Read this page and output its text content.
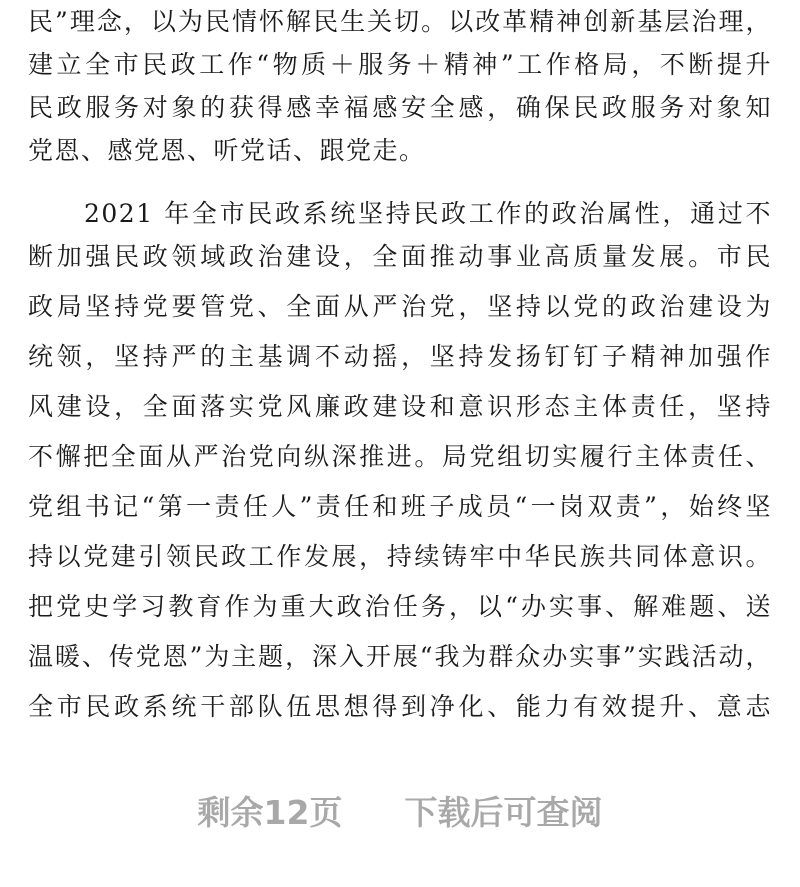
民”理念，以为民情怀解民生关切。以改革精神创新基层治理，
建立全市民政工作“物质＋服务＋精神”工作格局，不断提升
民政服务对象的获得感幸福感安全感，确保民政服务对象知
党恩、感党恩、听党话、跟党走。
2021 年全市民政系统坚持民政工作的政治属性，通过不
断加强民政领域政治建设，全面推动事业高质量发展。市民
政局坚持党要管党、全面从严治党，坚持以党的政治建设为
统领，坚持严的主基调不动摇，坚持发扬钉钉子精神加强作
风建设，全面落实党风廉政建设和意识形态主体责任，坚持
不懈把全面从严治党向纵深推进。局党组切实履行主体责任、
党组书记“第一责任人”责任和班子成员“一岗双责”，始终坚
持以党建引领民政工作发展，持续铸牢中华民族共同体意识。
把党史学习教育作为重大政治任务，以“办实事、解难题、送
温暖、传党恩”为主题，深入开展“我为群众办实事”实践活动，
全市民政系统干部队伍思想得到净化、能力有效提升、意志
剩余12页 下载后可查阅
